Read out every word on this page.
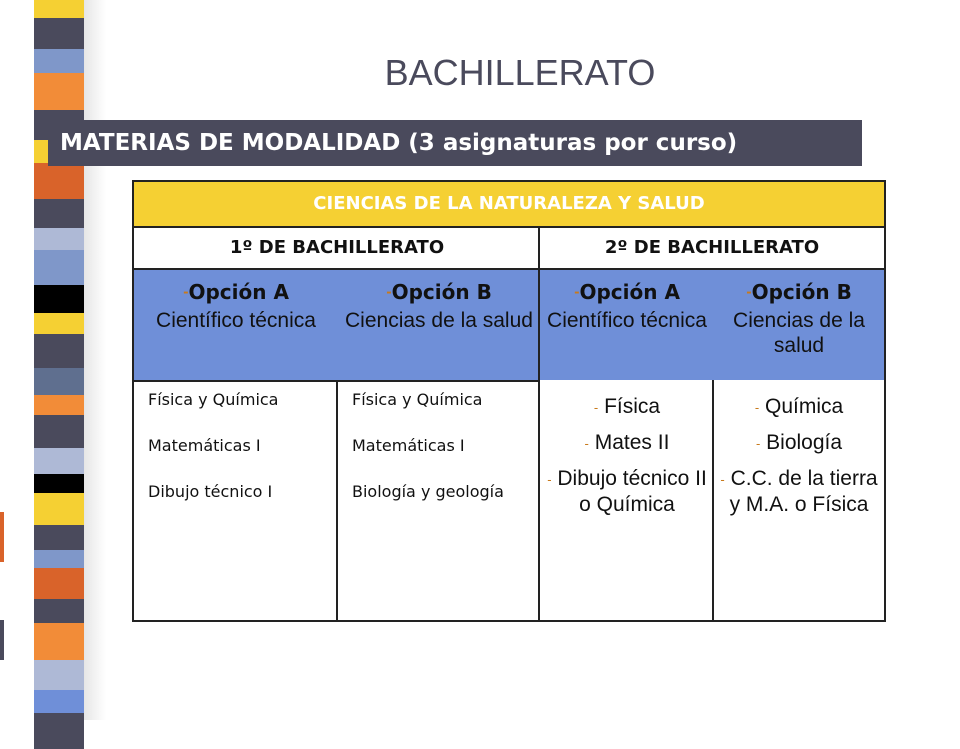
BACHILLERATO
MATERIAS DE MODALIDAD (3 asignaturas por curso)
CIENCIAS DE LA NATURALEZA Y SALUD
1º DE BACHILLERATO	2º DE BACHILLERATO
-Opción A
Científico técnica
-Opción B
Ciencias de la salud
-Opción A
Científico técnica
-Opción B
Ciencias de la salud

Física y Química

Matemáticas I

Dibujo técnico I

Física y Química

Matemáticas I

Biología y geología

- Física

- Mates II

- Dibujo técnico II o Química

- Química

- Biología

- C.C. de la tierra y M.A. o Física
